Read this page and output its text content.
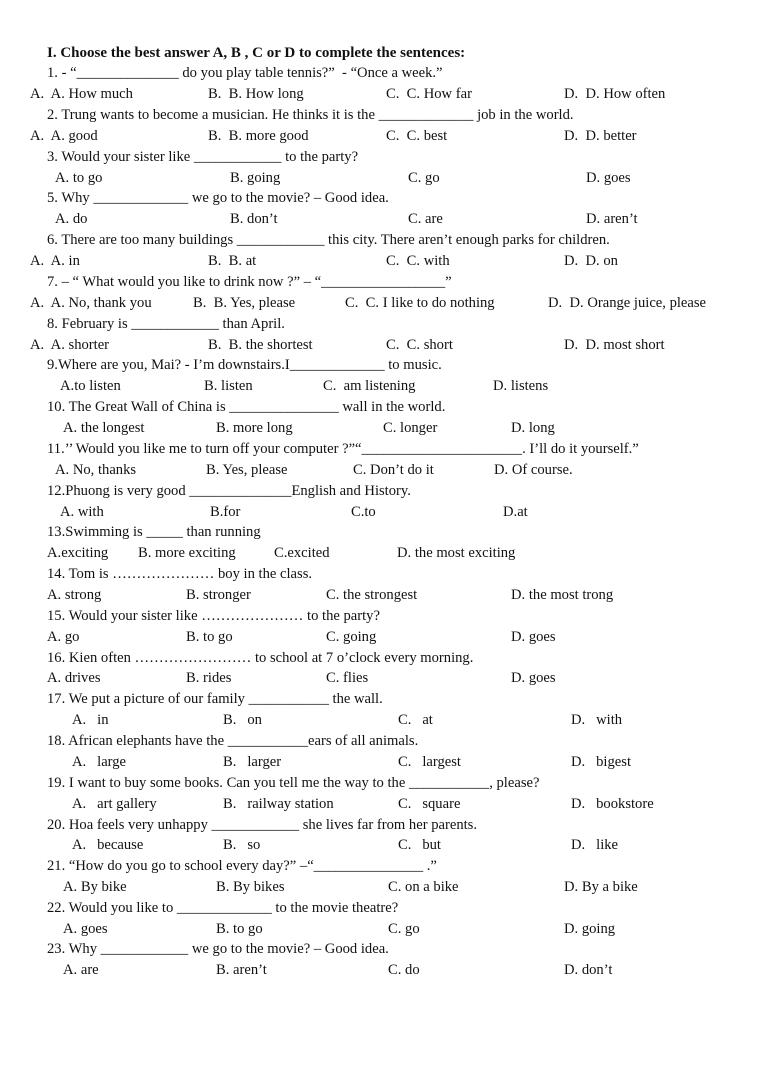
I. Choose the best answer A, B , C or D to complete the sentences:

1. - “______________ do you play table tennis?”  - “Once a week.”

A.  A. How much

	B.  B. How long

	C.  C. How far

	D.  D. How often

2. Trung wants to become a musician. He thinks it is the _____________ job in the world.

A.  A. good

	B.  B. more good

	C.  C. best

	D.  D. better

3. Would your sister like ____________ to the party?

A. to go

	B. going

	C. go

	D. goes

5. Why _____________ we go to the movie? – Good idea.

A. do

	B. don’t

	C. are

	D. aren’t

6. There are too many buildings ____________ this city. There aren’t enough parks for children.

A.  A. in

	B.  B. at

	C.  C. with

	D.  D. on

7. – “ What would you like to drink now ?” – “_________________”

A.  A. No, thank you

	B.  B. Yes, please

	C.  C. I like to do nothing

	D.  D. Orange juice, please

8. February is ____________ than April.

A.  A. shorter

	B.  B. the shortest

	C.  C. short

	D.  D. most short

9.Where are you, Mai? - I’m downstairs.I_____________ to music.

A.to listen

	B. listen

	C.  am listening

	D. listens

10. The Great Wall of China is _______________ wall in the world.

A. the longest

	B. more long

	C. longer

	D. long

11.’’ Would you like me to turn off your computer ?”“______________________. I’ll do it yourself.”

A. No, thanks

	B. Yes, please

	C. Don’t do it

	D. Of course.

12.Phuong is very good ______________English and History.

A. with

	B.for

	C.to

	D.at

13.Swimming is _____ than running

A.exciting

B. more exciting

	C.excited

	D. the most exciting

14. Tom is ………………… boy in the class.

A. strong

	B. stronger

	C. the strongest

	D. the most trong

15. Would your sister like ………………… to the party?

A. go

	B. to go

	C. going

	D. goes

16. Kien often …………………… to school at 7 o’clock every morning.

A. drives

	B. rides

	C. flies

	D. goes

17. We put a picture of our family ___________ the wall.

A.   in

	B.   on

	C.   at

	D.   with

18. African elephants have the ___________ears of all animals.

A.   large

	B.   larger

	C.   largest

	D.   bigest

19. I want to buy some books. Can you tell me the way to the ___________, please?

A.   art gallery

	B.   railway station

	C.   square

	D.   bookstore

20. Hoa feels very unhappy ____________ she lives far from her parents.

A.   because

	B.   so

	C.   but

	D.   like

21. “How do you go to school every day?” –“_______________ .”

A. By bike

	B. By bikes

	C. on a bike

	D. By a bike

22. Would you like to _____________ to the movie theatre?

A. goes

	B. to go

	C. go

	D. going

23. Why ____________ we go to the movie? – Good idea.

A. are

	B. aren’t

	C. do

	D. don’t
